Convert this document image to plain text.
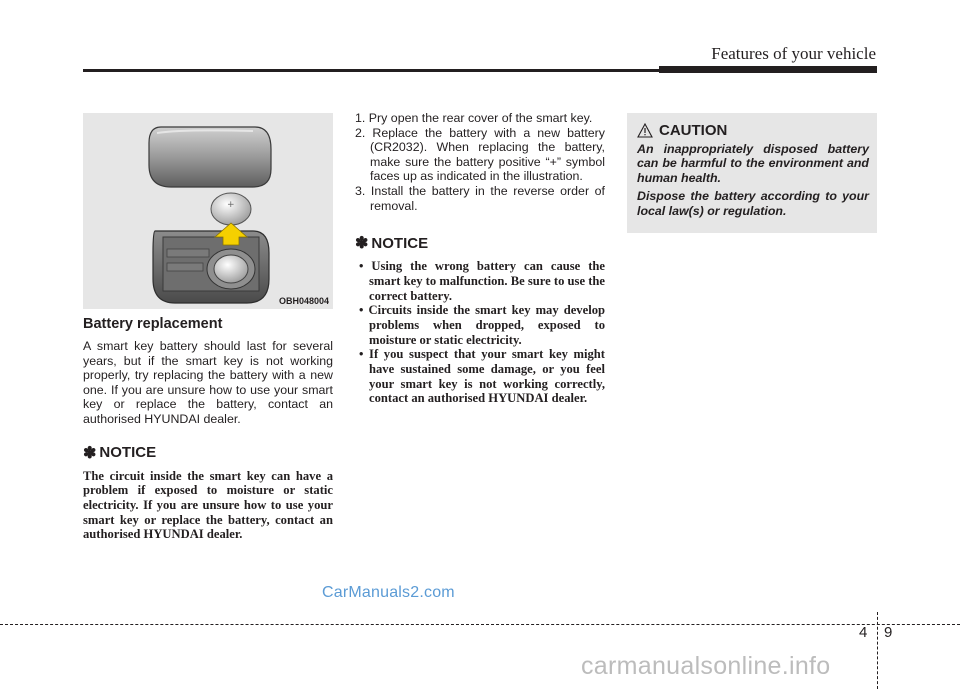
Features of your vehicle
+
OBH048004
Battery replacement

A smart key battery should last for several years, but if the smart key is not working properly, try replacing the battery with a new one. If you are unsure how to use your smart key or replace the battery, contact an authorised HYUNDAI dealer.

✽ NOTICE

The circuit inside the smart key can have a problem if exposed to moisture or static electricity. If you are unsure how to use your smart key or replace the battery, contact an authorised HYUNDAI dealer.

1. Pry open the rear cover of the smart key.
2. Replace the battery with a new battery (CR2032). When replacing the battery, make sure the battery positive “+” symbol faces up as indicated in the illustration.
3. Install the battery in the reverse order of removal.
✽ NOTICE
• Using the wrong battery can cause the smart key to malfunction. Be sure to use the correct battery.
• Circuits inside the smart key may develop problems when dropped, exposed to moisture or static electricity.
• If you suspect that your smart key might have sustained some damage, or you feel your smart key is not working correctly, contact an authorised HYUNDAI dealer.
CAUTION

An inappropriately disposed battery can be harmful to the environment and human health.

Dispose the battery according to your local law(s) or regulation.

CarManuals2.com
4 9
carmanualsonline.info
